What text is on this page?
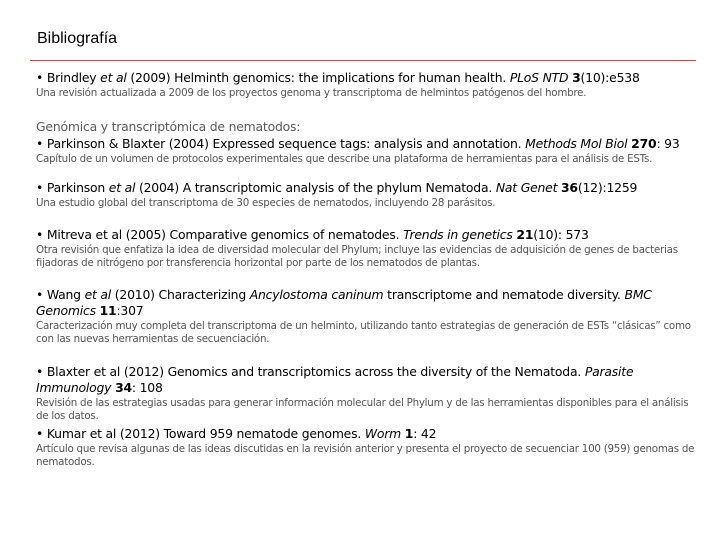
Bibliografía
• Brindley et al (2009) Helminth genomics: the implications for human health. PLoS NTD 3(10):e538
Una revisión actualizada a 2009 de los proyectos genoma y transcriptoma de helmintos patógenos del hombre.
Genómica y transcriptómica de nematodos:
• Parkinson & Blaxter (2004) Expressed sequence tags: analysis and annotation. Methods Mol Biol 270: 93
Capítulo de un volumen de protocolos experimentales que describe una plataforma de herramientas para el análisis de ESTs.
• Parkinson et al (2004) A transcriptomic analysis of the phylum Nematoda. Nat Genet 36(12):1259
Una estudio global del transcriptoma de 30 especies de nematodos, incluyendo 28 parásitos.
• Mitreva et al (2005) Comparative genomics of nematodes. Trends in genetics 21(10): 573
Otra revisión que enfatiza la idea de diversidad molecular del Phylum; incluye las evidencias de adquisición de genes de bacterias fijadoras de nitrógeno por transferencia horizontal por parte de los nematodos de plantas.
• Wang et al (2010) Characterizing Ancylostoma caninum transcriptome and nematode diversity. BMC Genomics 11:307
Caracterización muy completa del transcriptoma de un helminto, utilizando tanto estrategias de generación de ESTs “clásicas” como con las nuevas herramientas de secuenciación.
• Blaxter et al (2012) Genomics and transcriptomics across the diversity of the Nematoda. Parasite Immunology 34: 108
Revisión de las estrategias usadas para generar información molecular del Phylum y de las herramientas disponibles para el análisis de los datos.
• Kumar et al (2012) Toward 959 nematode genomes. Worm 1: 42
Artículo que revisa algunas de las ideas discutidas en la revisión anterior y presenta el proyecto de secuenciar 100 (959) genomas de nematodos.
